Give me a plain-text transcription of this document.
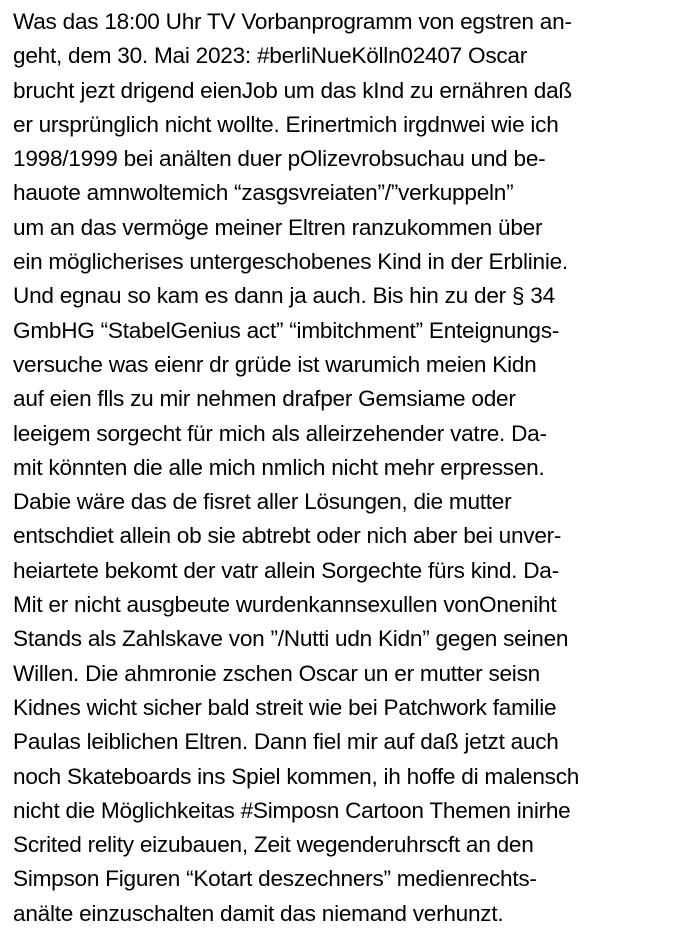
Was das 18:00 Uhr TV Vorbanprogramm von egstren an-
geht, dem 30. Mai 2023: #berliNueKölln02407 Oscar
brucht jezt drigend eienJob um das kInd zu ernähren daß
er ursprünglich nicht wollte. Erinertmich irgdnwei wie ich
1998/1999 bei anälten duer pOlizevrobsuchau und be-
hauote amnwoltemich “zasgsvreiaten”/”verkuppeln”
um an das vermöge meiner Eltren ranzukommen über
ein möglicherises untergeschobenes Kind in der Erblinie.
Und egnau so kam es dann ja auch. Bis hin zu der § 34
GmbHG “StabelGenius act” “imbitchment” Enteignungs-
versuche was eienr dr grüde ist warumich meien Kidn
auf eien flls zu mir nehmen drafper Gemsiame oder
leeigem sorgecht für mich als alleirzehender vatre. Da-
mit könnten die alle mich nmlich nicht mehr erpressen.
Dabie wäre das de fisret aller Lösungen, die mutter
entschdiet allein ob sie abtrebt oder nich aber bei unver-
heiartete bekomt der vatr allein Sorgechte fürs kind. Da-
Mit er nicht ausgbeute wurdenkannsexullen vonOneniht
Stands als Zahlskave von ”/Nutti udn Kidn” gegen seinen
Willen. Die ahmronie zschen Oscar un er mutter seisn
Kidnes wicht sicher bald streit wie bei Patchwork familie
Paulas leiblichen Eltren. Dann fiel mir auf daß jetzt auch
noch Skateboards ins Spiel kommen, ih hoffe di malensch
nicht die Möglichkeitas #Simposn Cartoon Themen inirhe
Scrited relity eizubauen, Zeit wegenderuhrscft an den
Simpson Figuren “Kotart deszechners” medienrechts-
anälte einzuschalten damit das niemand verhunzt.
